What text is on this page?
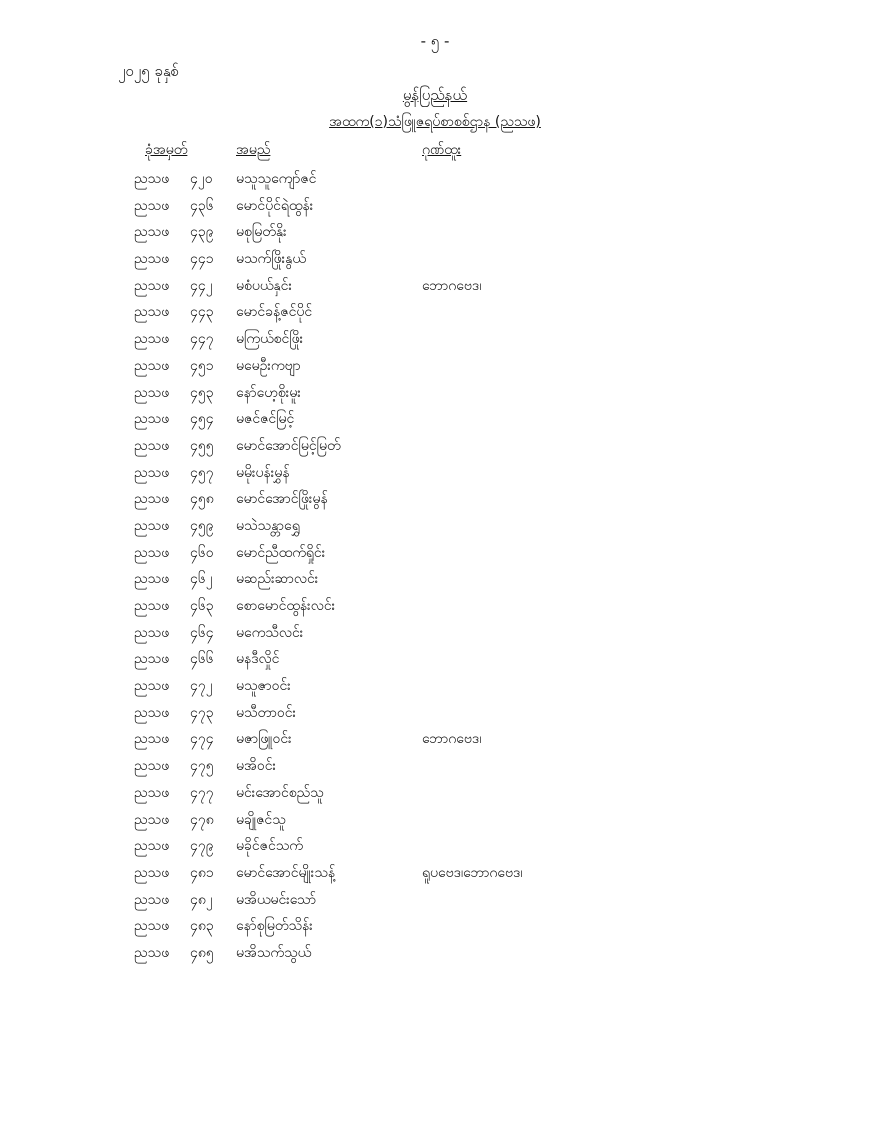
- ၅ -
၂၀၂၅ ခုနှစ်
မွန်ပြည်နယ်
အထက(၁)သံဖြူဇရပ်စာစစ်ဌာန (ညသဖ)
ခုံအမှတ်	အမည်	ဂုဏ်ထူး
ညသဖ ၄၂၀ မသူသူကျော်ဇင်
ညသဖ ၄၃၆ မောင်ပိုင်ရဲထွန်း
ညသဖ ၄၃၉ မစုမြတ်နိုး
ညသဖ ၄၄၁ မသက်ဖြိုးနွယ်
ညသဖ ၄၄၂ မစံပယ်နှင်း	ဘောဂဗေဒ၊
ညသဖ ၄၄၃ မောင်ခန့်ဇင်ပိုင်
ညသဖ ၄၄၇ မကြယ်စင်ဖြိုး
ညသဖ ၄၅၁ မမေဦးကဗျာ
ညသဖ ၄၅၃ နော်ဟေ့စိုးမူး
ညသဖ ၄၅၄ မဇင်ဇင်မြင့်
ညသဖ ၄၅၅ မောင်အောင်မြင့်မြတ်
ညသဖ ၄၅၇ မမိုးပန်းမွှန်
ညသဖ ၄၅၈ မောင်အောင်ဖြိုးမွန်
ညသဖ ၄၅၉ မသဲသန္တာရွှေ
ညသဖ ၄၆၀ မောင်ညီထက်ရှိုင်း
ညသဖ ၄၆၂ မဆည်းဆာလင်း
ညသဖ ၄၆၃ စောမောင်ထွန်းလင်း
ညသဖ ၄၆၄ မကေသီလင်း
ညသဖ ၄၆၆ မနဒီလှိုင်
ညသဖ ၄၇၂ မသူဇာဝင်း
ညသဖ ၄၇၃ မသီတာဝင်း
ညသဖ ၄၇၄ မဇာဖြူဝင်း	ဘောဂဗေဒ၊
ညသဖ ၄၇၅ မအိဝင်း
ညသဖ ၄၇၇ မင်းအောင်စည်သူ
ညသဖ ၄၇၈ မချိုဇင်သူ
ညသဖ ၄၇၉ မခိုင်ဇင်သက်
ညသဖ ၄၈၁ မောင်အောင်မျိုးသန့်	ရူပဗေဒ၊ဘောဂဗေဒ၊
ညသဖ ၄၈၂ မအိယမင်းသော်
ညသဖ ၄၈၃ နော်စုမြတ်သိန်း
ညသဖ ၄၈၅ မအိသက်သွယ်
